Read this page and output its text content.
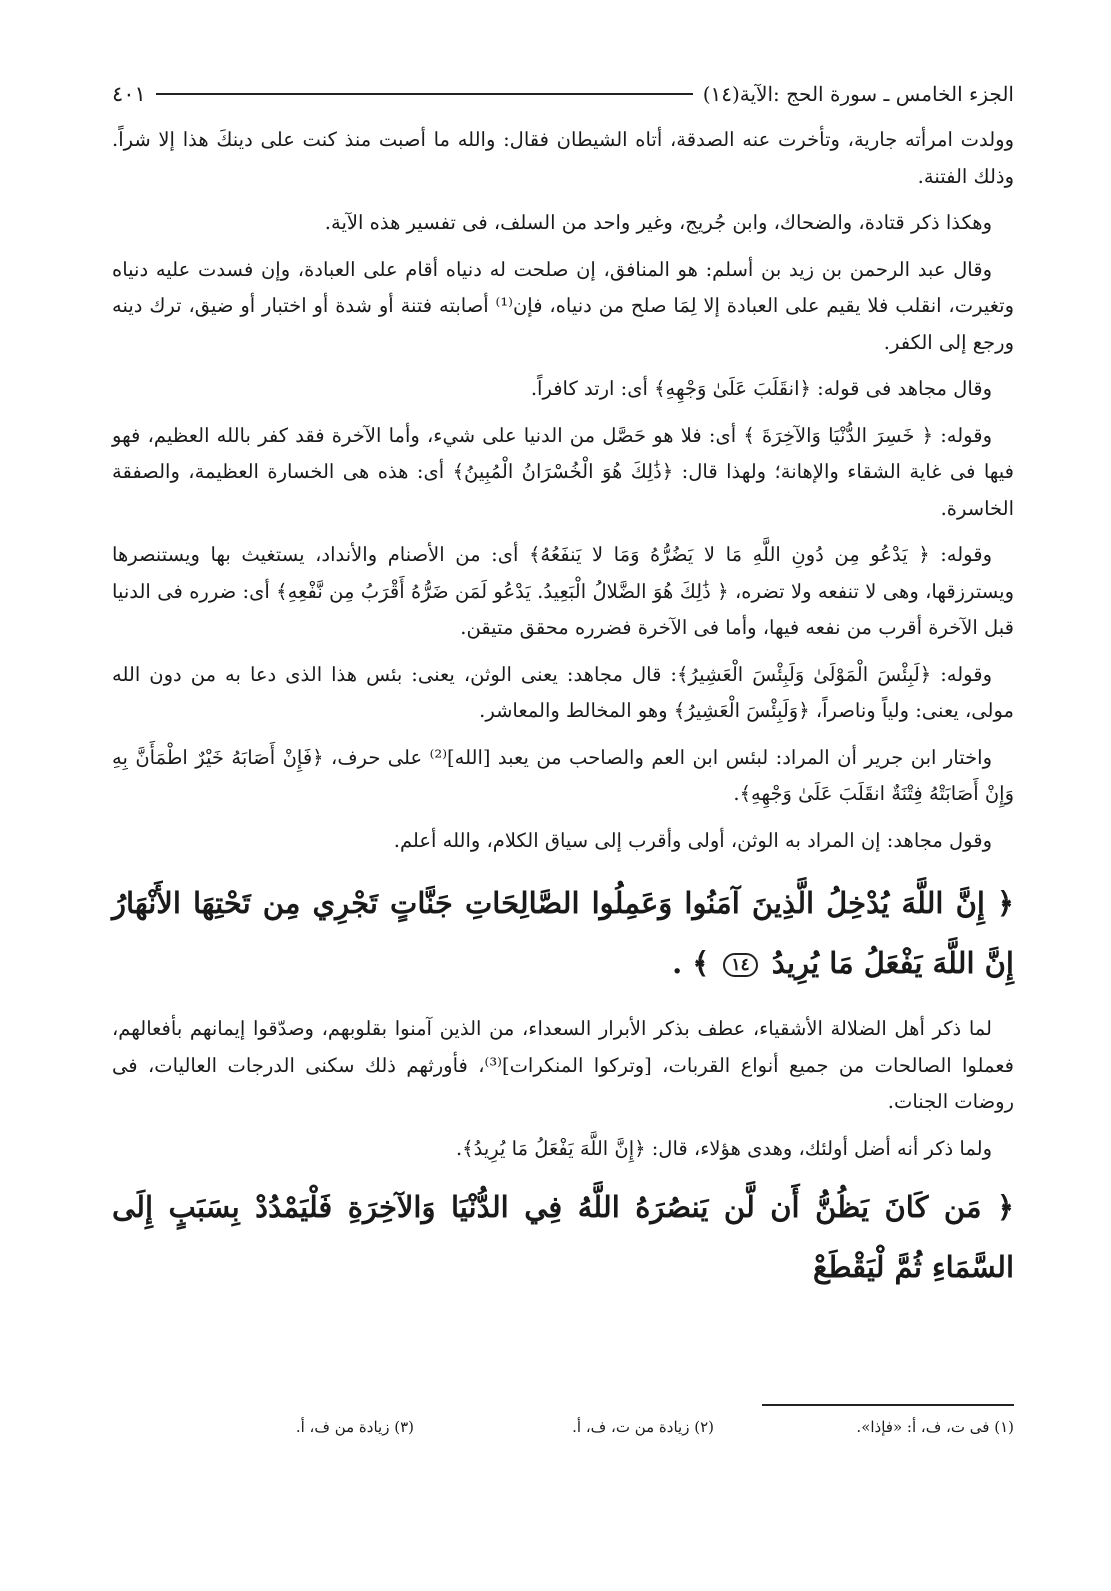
الجزء الخامس ـ سورة الحج :الآية(١٤)
٤٠١

وولدت امرأته جارية، وتأخرت عنه الصدقة، أتاه الشيطان فقال: والله ما أصبت منذ كنت على دينكَ هذا إلا شراً. وذلك الفتنة.

وهكذا ذكر قتادة، والضحاك، وابن جُريج، وغير واحد من السلف، فى تفسير هذه الآية.

وقال عبد الرحمن بن زيد بن أسلم: هو المنافق، إن صلحت له دنياه أقام على العبادة، وإن فسدت عليه دنياه وتغيرت، انقلب فلا يقيم على العبادة إلا لِمَا صلح من دنياه، فإن⁽¹⁾ أصابته فتنة أو شدة أو اختبار أو ضيق، ترك دينه ورجع إلى الكفر.

وقال مجاهد فى قوله: ﴿انقَلَبَ عَلَىٰ وَجْهِهِ﴾ أى: ارتد كافراً.

وقوله: ﴿ خَسِرَ الدُّنْيَا وَالآخِرَةَ ﴾ أى: فلا هو حَصَّل من الدنيا على شيء، وأما الآخرة فقد كفر بالله العظيم، فهو فيها فى غاية الشقاء والإهانة؛ ولهذا قال: ﴿ذَٰلِكَ هُوَ الْخُسْرَانُ الْمُبِينُ﴾ أى: هذه هى الخسارة العظيمة، والصفقة الخاسرة.

وقوله: ﴿ يَدْعُو مِن دُونِ اللَّهِ مَا لا يَضُرُّهُ وَمَا لا يَنفَعُهُ﴾ أى: من الأصنام والأنداد، يستغيث بها ويستنصرها ويسترزقها، وهى لا تنفعه ولا تضره، ﴿ ذَٰلِكَ هُوَ الضَّلالُ الْبَعِيدُ. يَدْعُو لَمَن ضَرُّهُ أَقْرَبُ مِن نَّفْعِهِ﴾ أى: ضرره فى الدنيا قبل الآخرة أقرب من نفعه فيها، وأما فى الآخرة فضرره محقق متيقن.

وقوله: ﴿لَبِئْسَ الْمَوْلَىٰ وَلَبِئْسَ الْعَشِيرُ﴾: قال مجاهد: يعنى الوثن، يعنى: بئس هذا الذى دعا به من دون الله مولى، يعنى: ولياً وناصراً، ﴿وَلَبِئْسَ الْعَشِيرُ﴾ وهو المخالط والمعاشر.

واختار ابن جرير أن المراد: لبئس ابن العم والصاحب من يعبد [الله]⁽²⁾ على حرف، ﴿فَإِنْ أَصَابَهُ خَيْرٌ اطْمَأَنَّ بِهِ وَإِنْ أَصَابَتْهُ فِتْنَةٌ انقَلَبَ عَلَىٰ وَجْهِهِ﴾.

وقول مجاهد: إن المراد به الوثن، أولى وأقرب إلى سياق الكلام، والله أعلم.

﴿ إِنَّ اللَّهَ يُدْخِلُ الَّذِينَ آمَنُوا وَعَمِلُوا الصَّالِحَاتِ جَنَّاتٍ تَجْرِي مِن تَحْتِهَا الأَنْهَارُ إِنَّ اللَّهَ يَفْعَلُ مَا يُرِيدُ ١٤ ﴾ .

لما ذكر أهل الضلالة الأشقياء، عطف بذكر الأبرار السعداء، من الذين آمنوا بقلوبهم، وصدّقوا إيمانهم بأفعالهم، فعملوا الصالحات من جميع أنواع القربات، [وتركوا المنكرات]⁽³⁾، فأورثهم ذلك سكنى الدرجات العاليات، فى روضات الجنات.

ولما ذكر أنه أضل أولئك، وهدى هؤلاء، قال: ﴿إِنَّ اللَّهَ يَفْعَلُ مَا يُرِيدُ﴾.

﴿ مَن كَانَ يَظُنُّ أَن لَّن يَنصُرَهُ اللَّهُ فِي الدُّنْيَا وَالآخِرَةِ فَلْيَمْدُدْ بِسَبَبٍ إِلَى السَّمَاءِ ثُمَّ لْيَقْطَعْ
(١) فى ت، ف، أ: «فإذا».
(٢) زيادة من ت، ف، أ.
(٣) زيادة من ف، أ.
